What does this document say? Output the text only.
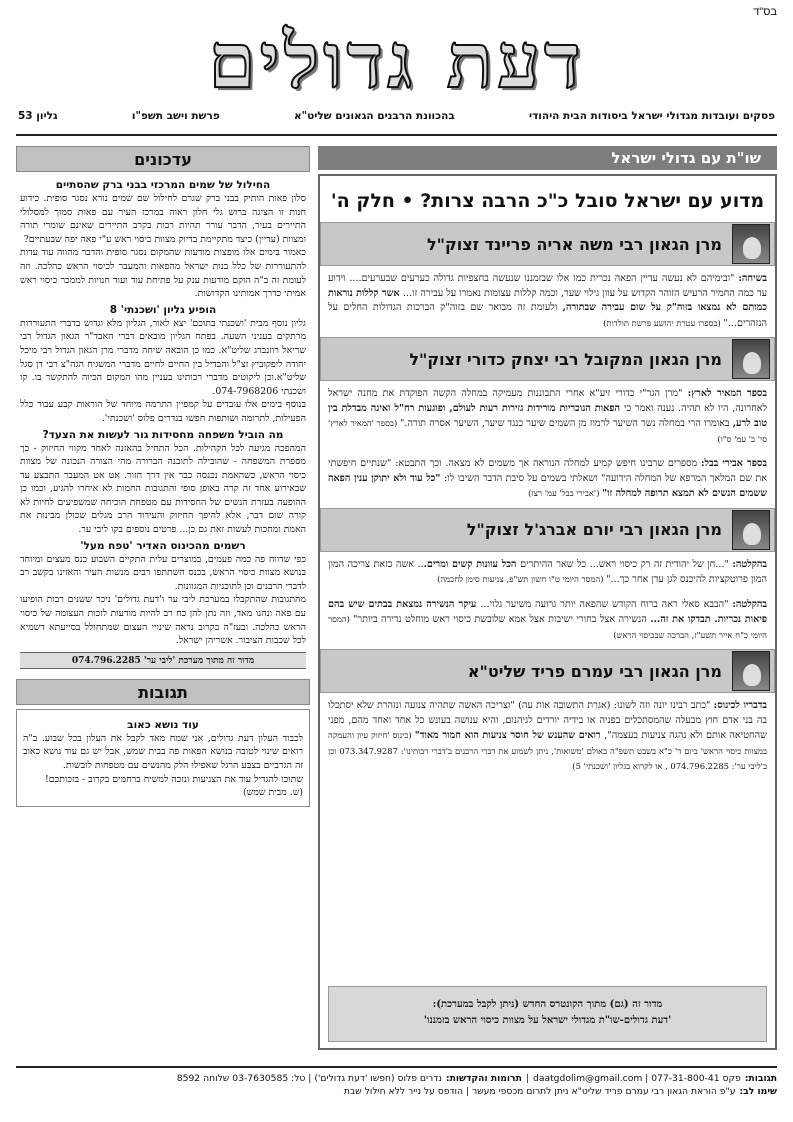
בס"ד
דעת גדולים
פסקים ועובדות מגדולי ישראל ביסודות הבית היהודי
בהכוונת הרבנים הגאונים שליט"א
פרשת וישב תשפ"ו
גליון 53
שו"ת עם גדולי ישראל
מדוע עם ישראל סובל כ"כ הרבה צרות? • חלק ה'
מרן הגאון רבי משה אריה פריינד זצוק"ל

בשיחה: "ובימיהם לא נעשה עדיין הפאה נכרית כמו אלו שבזמננו שנעשה בחצפיות גדולה כערעים שבערעים.... וידוע עד כמה החמיר הרעיש הזוהר הקדוש על עוון גילוי שער, וכמה קללות עצומות נאמרו על עבירה זו... אשר קללות נוראות כמותם לא נמצאו בזוה"ק על שום עבירה שבתורה, ולעומת זה מבואר שם בזוה"ק הברכות הגדולות החלים על הנזהרים..." (בספרו עטרת יהושע פרשת תולדות)

מרן הגאון המקובל רבי יצחק כדורי זצוק"ל

בספר המאיר לארץ: "מרן הגר"י כדורי זיע"א אחרי התבוננות מעמיקה במחלה הקשה הפוקדת את מחנה ישראל לאחרונה, היו לא תהיה. נענה ואמר כי הפאות הנוכריות מורידות גזירות רעות לעולם, ופוגעות רח"ל ואינה מבדלת בין טוב לרע, באומרו הרי במחלה נשר השיער לרמוז מן השמים שיער כנגד שיער, השיער אסרה תורה." (בספר 'המאיר לארץ' סי' ב' עמ' ס"ו)

בספר אבירי בבל: מספרים שרבינו חיפש קמיע למחלה הנוראה אך משמים לא מצאה. וכך התבטא: "שנתיים חיפשתי את שם המלאך המרפא של המחלה הידועה" ושאלתי בשמים על סיבת הדבר השיבו לו: "כל עוד ולא יתוקן ענין הפאה ששמים הנשים לא תמצא תרופה למחלה זו" ('אבירי בבל' עמ' רצו)

מרן הגאון רבי יורם אברג'ל זצוק"ל

בהקלטה: "...חן של יהודית זה רק כיסוי ראש... כל שאר ההיתרים הכל עוונות קשים ומרים... אשה כזאת צריכה המון המון פרוטקציות להיכנס לגן עדן אחר כך..." (המסר היומי ט"ו חשון תש"פ, צניעות סימן לחכמה)

בהקלטה: "הבבא סאלי ראה ברוח הקודש שהפאה יותר גרועה משיער גלוי... עיקר הנשירה נמצאת בבתים שיש בהם פיאות נכריות. תבדקו את זה... הנשירה אצל בחורי ישיבות אצל אמא שלובשת כיסוי ראש מוחלט נדירה ביותר" (המסר היומי כ"ח אייר תשע"ז, הברכה שבכיסוי הראש)

מרן הגאון רבי עמרם פריד שליט"א

בדבריו לכינוס: "כתב רבינו יונה וזה לשונו: (אגרת התשובה אות עה) "וצריכה האשה שתהיה צנועה ונזהרת שלא יסתכלו בה בני אדם חוץ מבעלה שהמסתכלים בפניה או בידיה יורדים לגיהנום, והיא ענושה בעונש כל אחד ואחד מהם, מפני שהחטיאה אותם ולא נהגה צניעות בעצמה", רואים שהענש של חוסר צניעות הוא חמור מאוד" (כינוס 'חיזוק עיון והעמקה במצוות כיסוי הראש' ביום ד' כ"א בשבט תשפ"ה באולם 'משואות', ניתן לשמוע את דברי הרבנים ב'דברי רבותינו': 073.347.9287 וכן ב'ליבי ער': 074.796.2285 , או לקרוא בגליון 'ושכנתי' 5)

מדור זה (גם) מתוך הקונטרס החדש (ניתן לקבל במערכת):
'דעת גדולים-שו"ת מגדולי ישראל על מצוות כיסוי הראש בזמננו'
עדכונים
החילול של שמים המרכזי בבני ברק שהסתיים

סלון פאות הותיק בבני ברק שגרם לחילול שם שמים נורא נסגר סופית. כידוע חנות זו הציגה ברוש גלי חלון ראוה במרכז העיר עם פאות סמוך למסלולי התיירים בעיר, הדבר עורר תהיות רבות בקרב התיירים שאינם שומרי תורה ומצוות (עדיין) כיצד מתקיימת בדיוק מצוות כיסוי ראש ע"י פאה יפה שבעתיים?

כאמור בימים אלו מופצות מודעות שהמקום נסגר סופית והדבר מהווה עוד עדות להתעוררות של כלל בנות ישראל מהפאות והמעבר לכיסוי הראש כהלכה. וזה לעומת זה ב"ה הוקם מודעות ענק על פתיחת עוד ועוד חנויות לממכר כיסוי ראש אמיתי כדרך אמותינו הקדושות.

הופיע גליון 'ושכנתי' 8

גליון נוסף מבית 'ושכנתי בתוכם' יצא לאור, הגליון מלא וגדוש בדברי התעוררות מרתקים בעניני השעה. בפתח הגליון מובאים דברי האבד"ר הגאון הגדול רבי שריאל רוזנברג שליט"א. כמו כן הובאה שיחה מדברי מרן הגאון הגדול רבי מיכל יהודה ליפקוביץ זצ"ל והבדיל בין החיים לחיים מדברי המשגיח הגה"צ רבי דן סגל שליט"א.וכן ליקוטים מדברי רבותינו בעניין מהו המקום הכיוה להתקשר בו. קו ושכנתי 074-7968206.

בנוסף בימים אלו עובדים על קמפיין התרמה מיוחד של הוראות קבע עבור כלל הפעילות, לתרומה ושותפות חפשו בנדרים פלוס 'ושכנתי'.

מה הוביל משפחה מחסידות גור לעשות את הצעד?

המהפכה מגיעה לכל הקהילות. הכל התחיל בהאזנה לאחד מקווי החיזוק - כך מספרת המשפחה - שהובילה לתובנה הברורה מהי הצורה הנכונה של מצוות כיסוי הראש, כשהאמת נכנסה כבר אין דרך חזור. אט אט המעבר התבצע עד שבאירוע אחד זה קרה באופן סופי והתגובות החמות לא איחרו להגיע, וכמו כן ההופעה בעזרת הנשים של החסידות עם מטפחת הוכיחה שמשפיעים לחיות לא קורה שום דבר, אלא להיפך החיזוק והעידוד הרב מגלים שכולן מבינות את האמת ומחכות לעשות זאת גם כן... פרטים נוספים בקו ליבי ער.

רשמים מהכינוס האדיר 'טפח מעל'

כפי שדווח פה כמה פעמים, במוצרים עלית התקיים השבוע כנס מעצים ומיוחד בנושא מצוות כיסוי הראש, בכנס השתתפו רבים מנשות העיר והאזינו בקשב רב לדברי הרבנים וכן לתוכניות המגוונות.

מהתגובות שהתקבלו במערכת ליבי ער ו'דעת גדולים' ניכר ששנים רבות הופיעו עם פאה ונהנו מאד, וזה נתן להן כח רב להיות מודעות לזכות העצומה של כיסוי הראש כהלכה. ובעז"ה בקרוב נראה שינויי העצום שמתחולל בסייעתא דשמיא לכל שכבות הציבור. אשריהן ישראל.

מדור זה מתוך מערכת 'ליבי ער' 074.796.2285
תגובות
עוד נושא כאוב

לכבוד העלון דעת גדולים, אני שמח מאד לקבל את העלון בכל שבוע. ב"ה רואים שינוי לטובה בנושא הפאות פה בבית שמש, אבל יש גם עוד נושא כאוב זה הגרביים בצבע הרגל שאפילו הלק מהנשים עם מטפחות לובשות.

שתוכו להגדיל עוד את הצניעות ונזכה למשיח ברחמים בקרוב - בזכותכם!

(ש. מבית שמש)

תגובות:
פקס 077-31-800-41 | daatgdolim@gmail.com
|
תרומות והקדשות:
נדרים פלוס (חפשו 'דעת גדולים') | טל: 03-7630585 שלוחה 8592
שימו לב:
ע"פ הוראת הגאון רבי עמרם פריד שליט"א ניתן לתרום מכספי מעשר | הודפס על נייר ללא חילול שבת
